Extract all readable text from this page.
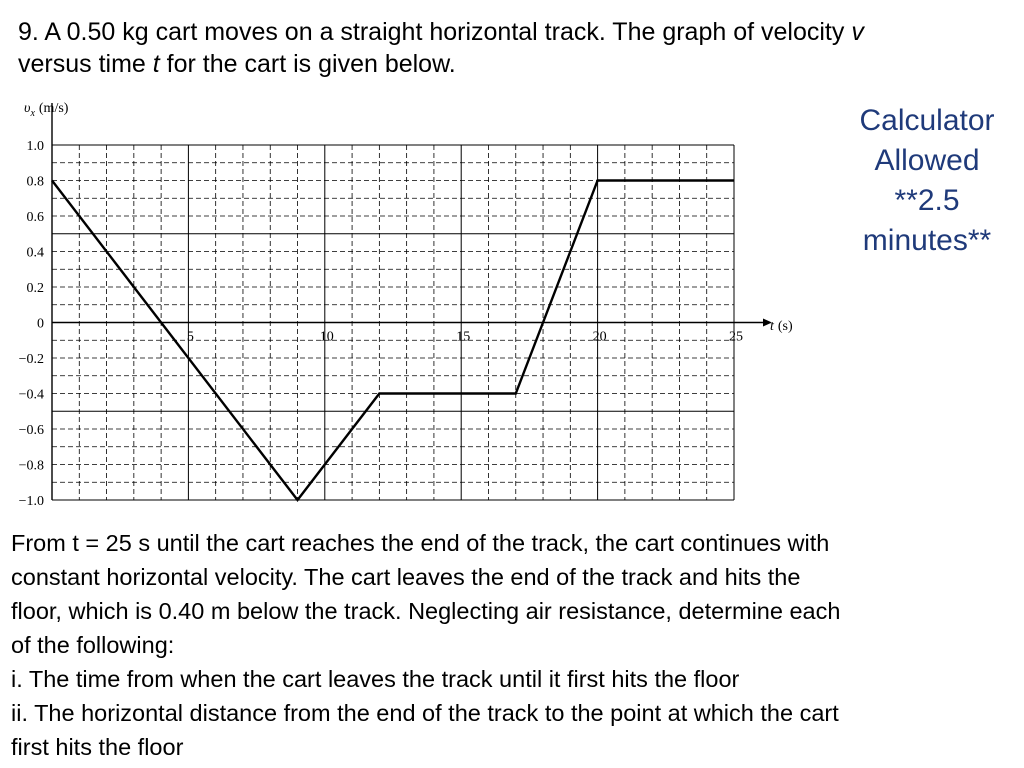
9. A 0.50 kg cart moves on a straight horizontal track. The graph of velocity v
versus time t for the cart is given below.

Calculator
Allowed
**2.5
minutes**
1.0
0.8
0.6
0.4
0.2
0
−0.2
−0.4
−0.6
−0.8
−1.0
5	10	15	20	25
$\upsilon_x$ (m/s)
t (s)
From t = 25 s until the cart reaches the end of the track, the cart continues with
constant horizontal velocity. The cart leaves the end of the track and hits the
floor, which is 0.40 m below the track. Neglecting air resistance, determine each
of the following:
i. The time from when the cart leaves the track until it first hits the floor
ii. The horizontal distance from the end of the track to the point at which the cart
first hits the floor
